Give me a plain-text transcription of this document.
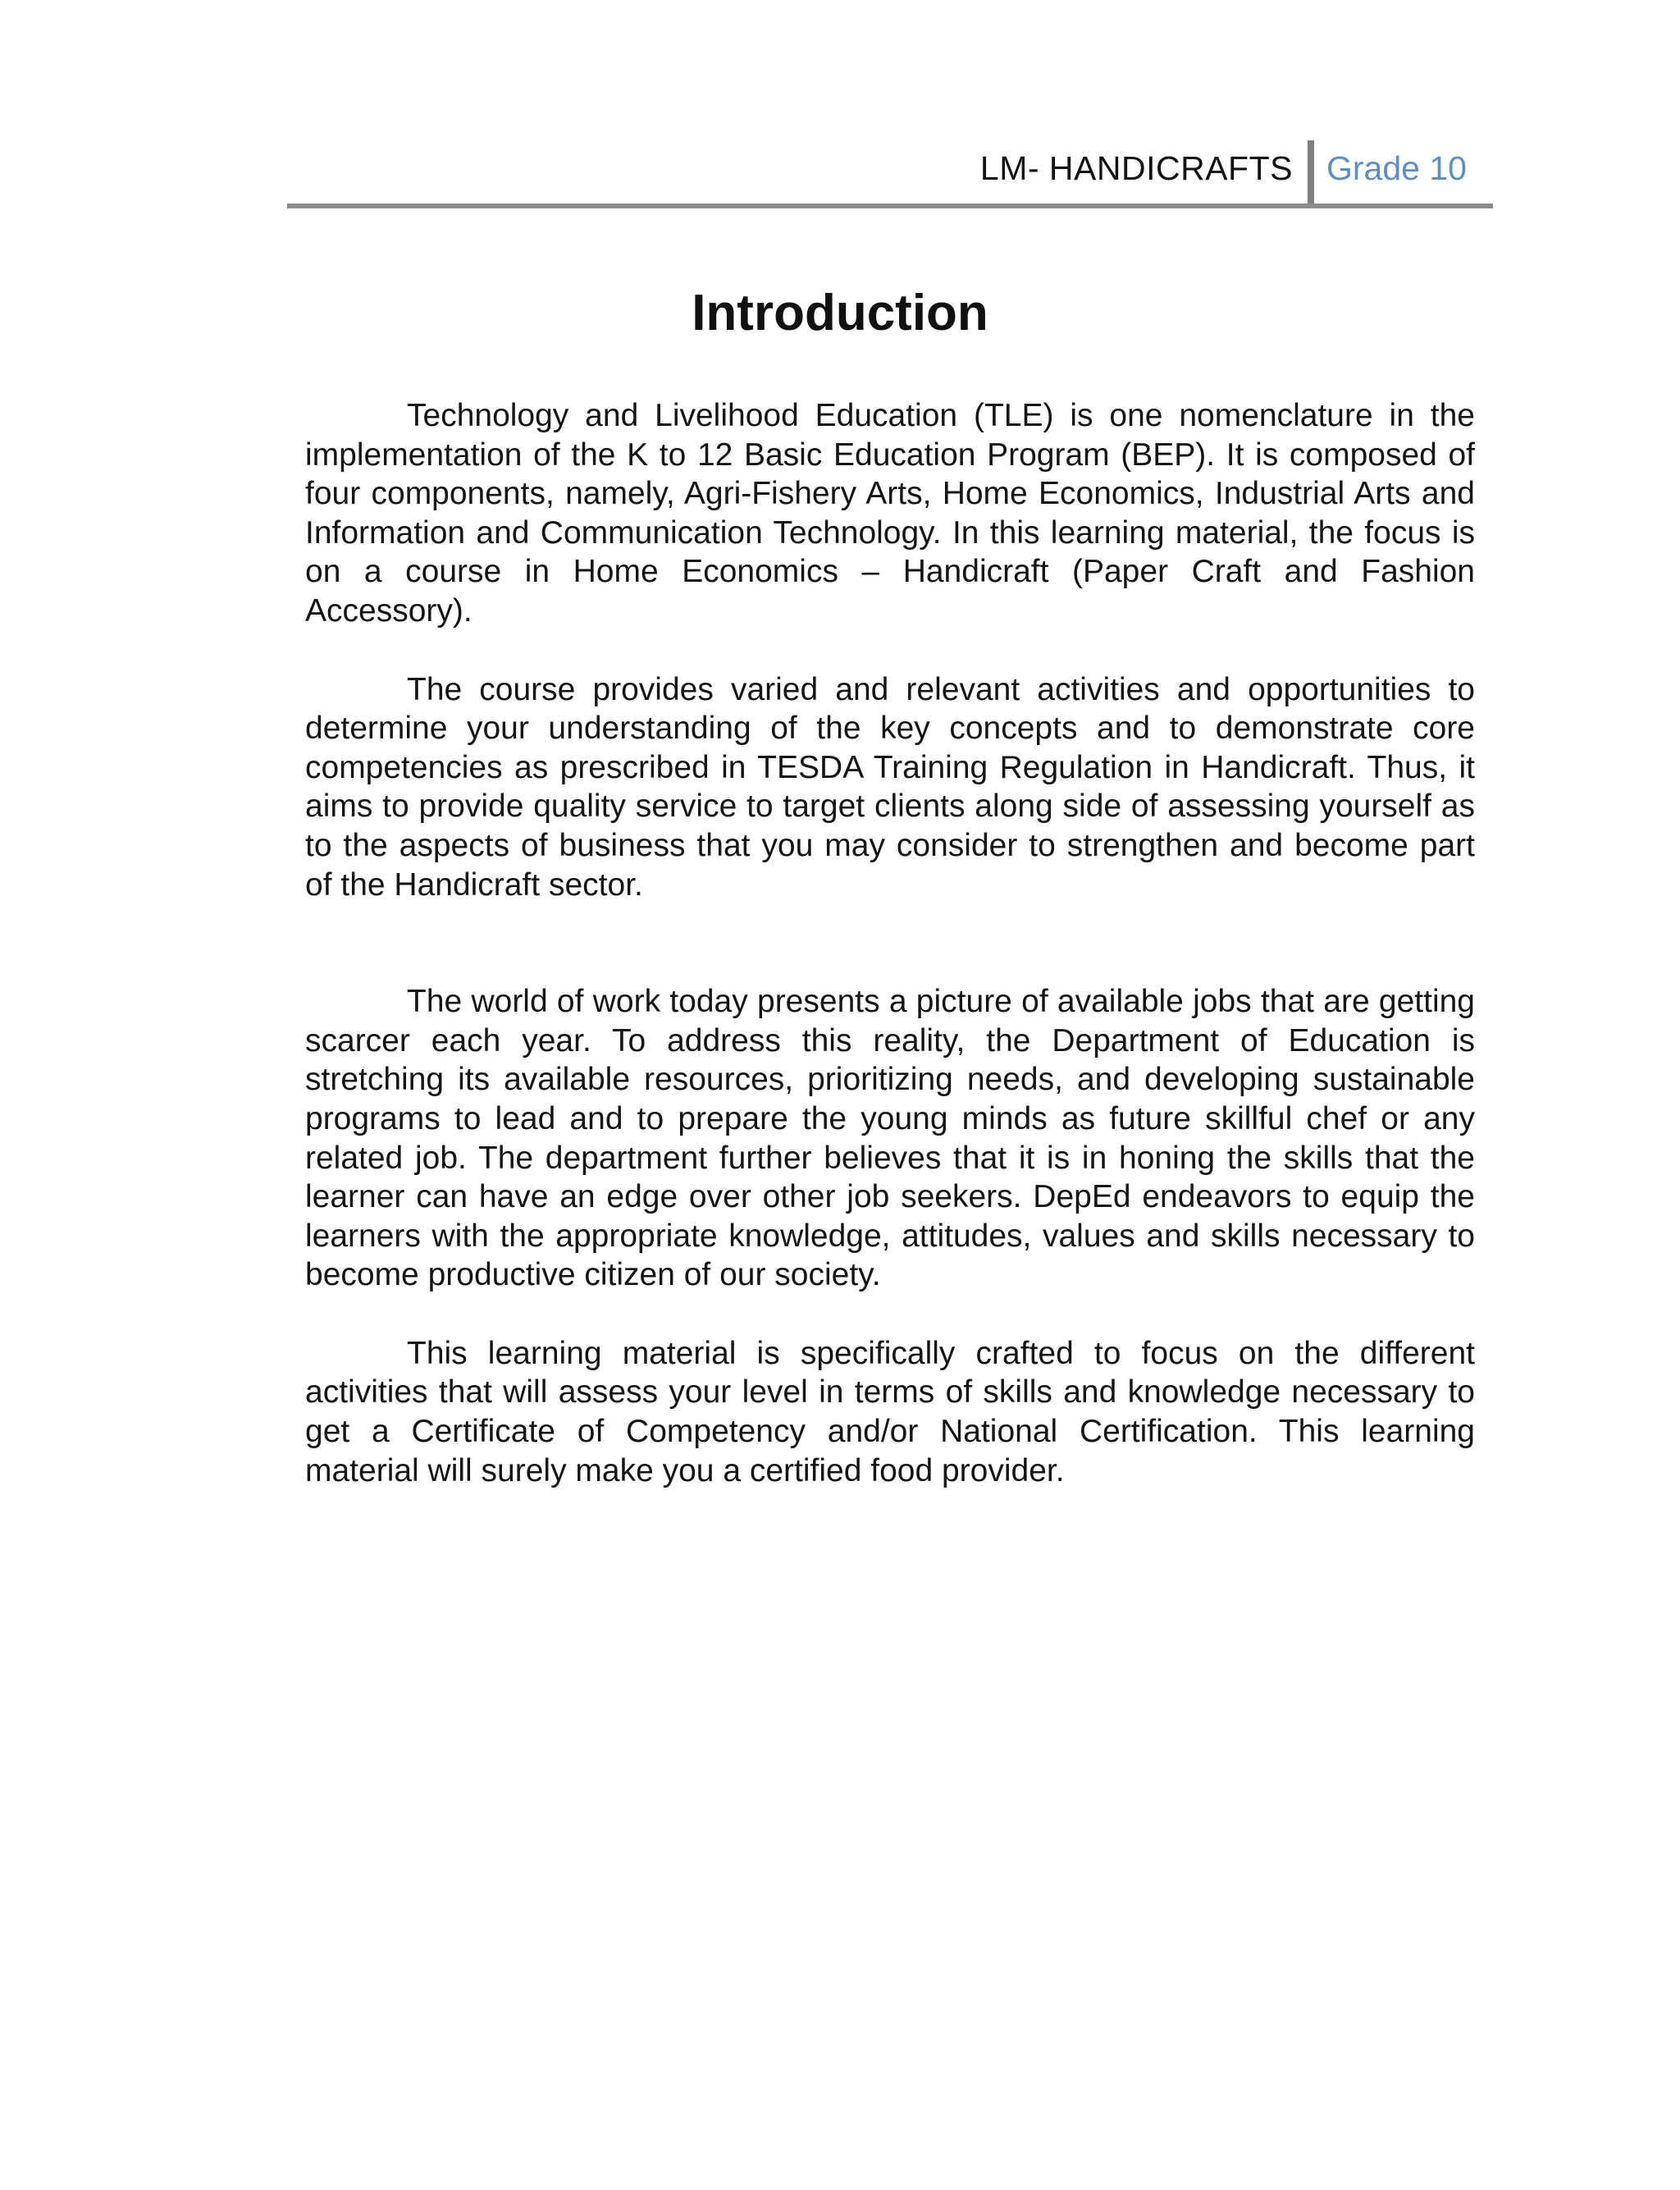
LM- HANDICRAFTS Grade 10
Introduction

Technology and Livelihood Education (TLE) is one nomenclature in the implementation of the K to 12 Basic Education Program (BEP). It is composed of four components, namely, Agri-Fishery Arts, Home Economics, Industrial Arts and Information and Communication Technology. In this learning material, the focus is on a course in Home Economics – Handicraft (Paper Craft and Fashion Accessory).

The course provides varied and relevant activities and opportunities to determine your understanding of the key concepts and to demonstrate core competencies as prescribed in TESDA Training Regulation in Handicraft. Thus, it aims to provide quality service to target clients along side of assessing yourself as to the aspects of business that you may consider to strengthen and become part of the Handicraft sector.

The world of work today presents a picture of available jobs that are getting scarcer each year. To address this reality, the Department of Education is stretching its available resources, prioritizing needs, and developing sustainable programs to lead and to prepare the young minds as future skillful chef or any related job. The department further believes that it is in honing the skills that the learner can have an edge over other job seekers. DepEd endeavors to equip the learners with the appropriate knowledge, attitudes, values and skills necessary to become productive citizen of our society.

This learning material is specifically crafted to focus on the different activities that will assess your level in terms of skills and knowledge necessary to get a Certificate of Competency and/or National Certification. This learning material will surely make you a certified food provider.
